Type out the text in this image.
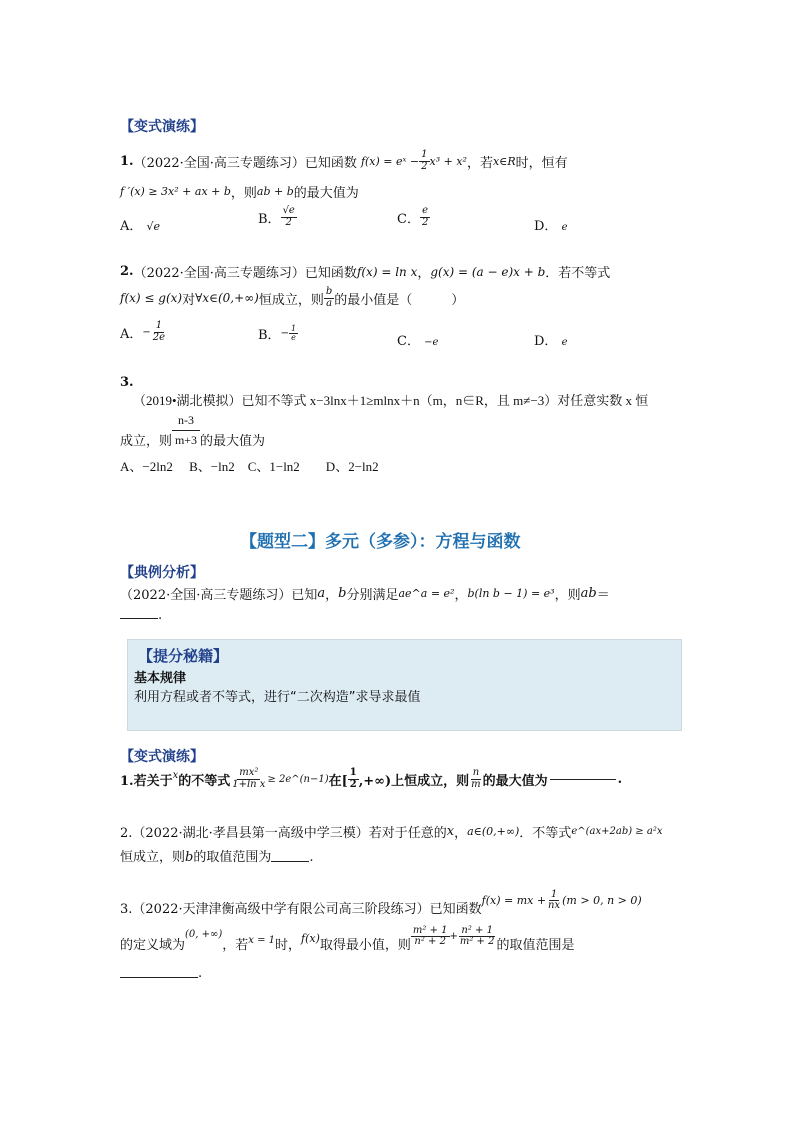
【变式演练】
1. （2022·全国·高三专题练习）已知函数 f(x) = eˣ − $\frac{1}{2} x^3 + x^2$ ，若 x∈R 时，恒有
f ′(x) ≥ 3x² + ax + b ，则 ab + b 的最大值为
A． √e	B． $\frac{√e}{2}$	C． $\frac{e}{2}$	D． e
2. （2022·全国·高三专题练习）已知函数 f(x) = ln x ， g(x) = (a − e)x + b ．若不等式
f(x) ≤ g(x) 对 ∀x∈(0,+∞) 恒成立，则 $\frac{b}{a}$ 的最小值是（　　　）
A． − $\frac{1}{2e}$	B． − $\frac{1}{e}$	C． −e	D． e
3.
（2019•湖北模拟）已知不等式 x−3lnx＋1≥mlnx＋n（m，n∈R，且 m≠−3）对任意实数 x 恒
成立，则 $\frac{n-3}{m+3}$ 的最大值为
A、−2ln2　 B、−ln2　C、1−ln2　　D、2−ln2
【题型二】多元（多参）：方程与函数
【典例分析】
（2022·全国·高三专题练习）已知 a ， b 分别满足 ae^a = e² ， b(ln b − 1) = e³ ，则 ab ＝
.
【提分秘籍】
基本规律
利用方程或者不等式，进行“二次构造”求导求最值
【变式演练】
1.若关于 x 的不等式 $\frac{\text{mx²}}{\text{1+ln x}}$ ≥ 2e^(n−1) 在[ $\frac{1}{2}$ ,+∞)上恒成立，则 $\frac{n}{m}$ 的最大值为	.
2.（2022·湖北·孝昌县第一高级中学三模）若对于任意的 x ， a∈(0,+∞) ．不等式 e^(ax+2ab) ≥ a²x
恒成立，则 b 的取值范围为	.
3.（2022·天津津衡高级中学有限公司高三阶段练习）已知函数
f(x) = mx + $\frac{1}{nx} (m > 0$, n > 0)
的定义域为
(0, +∞)
，若 x = 1 时， f(x) 取得最小值，则 $\frac{\text{m² + 1}}{\text{n² + 2}} + \frac{\text{n² + 1}}{\text{m² + 2}}$ 的取值范围是
.
